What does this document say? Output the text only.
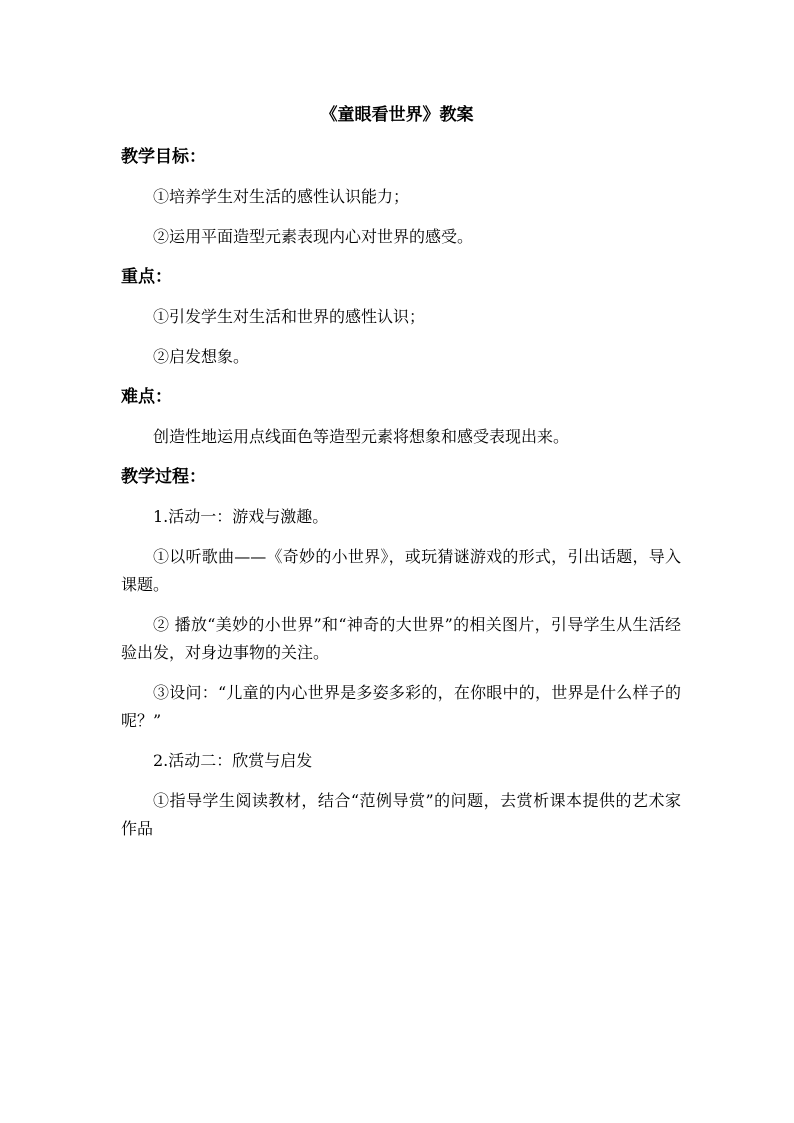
《童眼看世界》教案
教学目标：

①培养学生对生活的感性认识能力；

②运用平面造型元素表现内心对世界的感受。

重点：

①引发学生对生活和世界的感性认识；

②启发想象。

难点：

创造性地运用点线面色等造型元素将想象和感受表现出来。

教学过程：

1.活动一：游戏与激趣。

①以听歌曲——《奇妙的小世界》，或玩猜谜游戏的形式，引出话题，导入课题。

② 播放“美妙的小世界”和“神奇的大世界”的相关图片，引导学生从生活经验出发，对身边事物的关注。

③设问：“儿童的内心世界是多姿多彩的，在你眼中的，世界是什么样子的呢？”

2.活动二：欣赏与启发

①指导学生阅读教材，结合“范例导赏”的问题，去赏析课本提供的艺术家作品
